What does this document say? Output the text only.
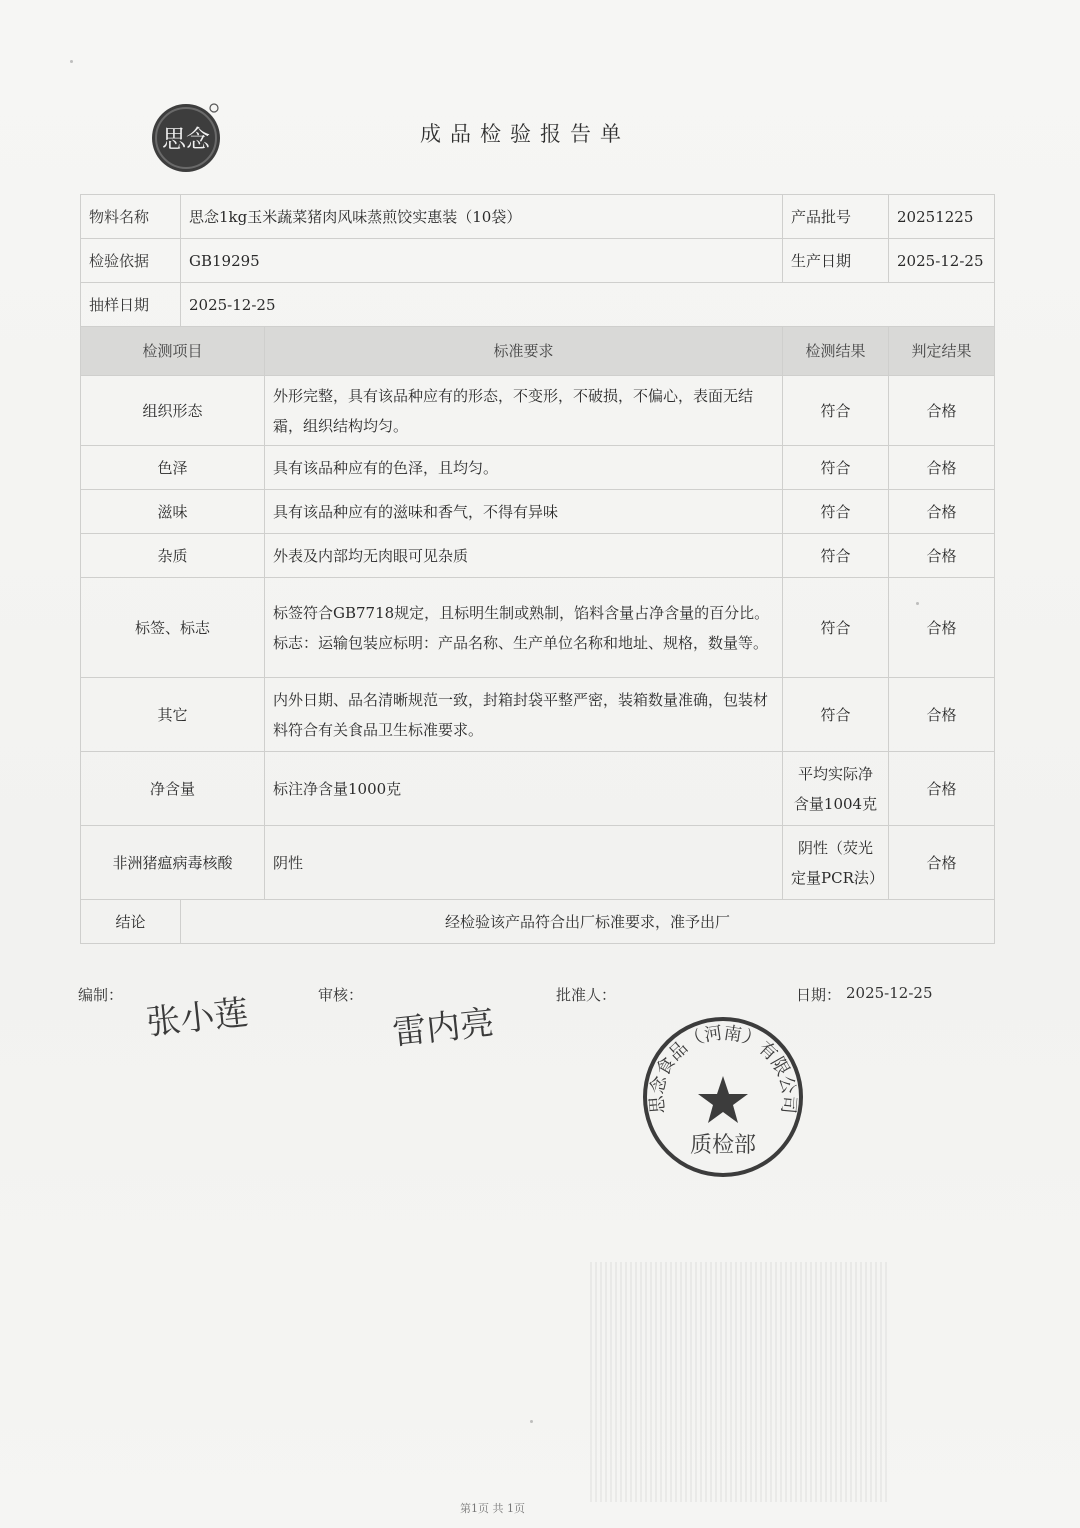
思念	成品检验报告单
物料名称	思念1kg玉米蔬菜猪肉风味蒸煎饺实惠装（10袋）		产品批号	20251225
检验依据	GB19295		生产日期	2025-12-25
抽样日期	2025-12-25			
检测项目		标准要求	检测结果	判定结果
组织形态		外形完整，具有该品种应有的形态，不变形，不破损，不偏心，表面无结霜，组织结构均匀。	符合	合格
色泽		具有该品种应有的色泽，且均匀。	符合	合格
滋味		具有该品种应有的滋味和香气，不得有异味	符合	合格
杂质		外表及内部均无肉眼可见杂质	符合	合格
标签、标志		标签符合GB7718规定，且标明生制或熟制，馅料含量占净含量的百分比。标志：运输包装应标明：产品名称、生产单位名称和地址、规格，数量等。	符合	合格
其它		内外日期、品名清晰规范一致，封箱封袋平整严密，装箱数量准确，包装材料符合有关食品卫生标准要求。	符合	合格
净含量		标注净含量1000克	平均实际净含量1004克	合格
非洲猪瘟病毒核酸		阴性	阴性（荧光定量PCR法）	合格
结论	经检验该产品符合出厂标准要求，准予出厂			
编制： 张小莲	审核：
雷内亮
批准人：	日期： 2025-12-25
思念食品（河南）有限公司
质检部
第1页 共 1页
